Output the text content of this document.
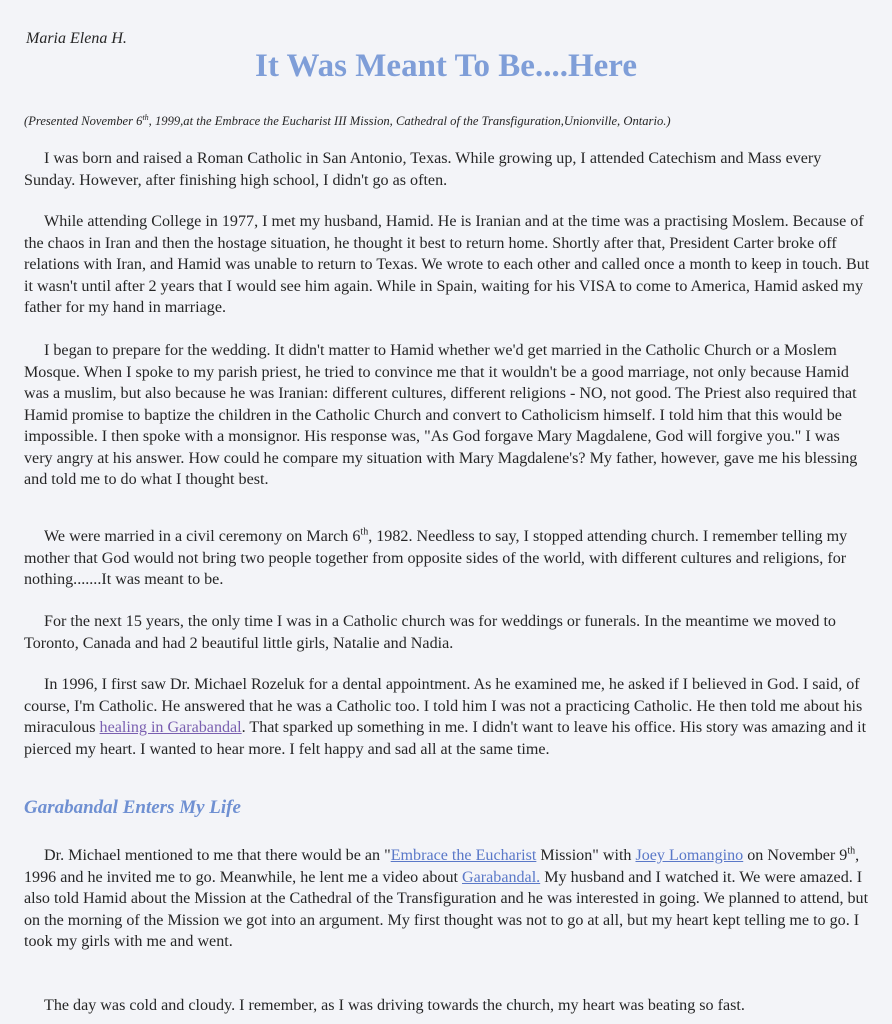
Maria Elena H.

It Was Meant To Be....Here

(Presented November 6th, 1999,at the Embrace the Eucharist III Mission, Cathedral of the Transfiguration,Unionville, Ontario.)

I was born and raised a Roman Catholic in San Antonio, Texas. While growing up, I attended Catechism and Mass every Sunday. However, after finishing high school, I didn't go as often.

While attending College in 1977, I met my husband, Hamid. He is Iranian and at the time was a practising Moslem. Because of the chaos in Iran and then the hostage situation, he thought it best to return home. Shortly after that, President Carter broke off relations with Iran, and Hamid was unable to return to Texas. We wrote to each other and called once a month to keep in touch. But it wasn't until after 2 years that I would see him again. While in Spain, waiting for his VISA to come to America, Hamid asked my father for my hand in marriage.

I began to prepare for the wedding. It didn't matter to Hamid whether we'd get married in the Catholic Church or a Moslem Mosque. When I spoke to my parish priest, he tried to convince me that it wouldn't be a good marriage, not only because Hamid was a muslim, but also because he was Iranian: different cultures, different religions - NO, not good. The Priest also required that Hamid promise to baptize the children in the Catholic Church and convert to Catholicism himself. I told him that this would be impossible. I then spoke with a monsignor. His response was, "As God forgave Mary Magdalene, God will forgive you." I was very angry at his answer. How could he compare my situation with Mary Magdalene's? My father, however, gave me his blessing and told me to do what I thought best.

We were married in a civil ceremony on March 6th, 1982. Needless to say, I stopped attending church. I remember telling my mother that God would not bring two people together from opposite sides of the world, with different cultures and religions, for nothing.......It was meant to be.

For the next 15 years, the only time I was in a Catholic church was for weddings or funerals. In the meantime we moved to Toronto, Canada and had 2 beautiful little girls, Natalie and Nadia.

In 1996, I first saw Dr. Michael Rozeluk for a dental appointment. As he examined me, he asked if I believed in God. I said, of course, I'm Catholic. He answered that he was a Catholic too. I told him I was not a practicing Catholic. He then told me about his miraculous healing in Garabandal. That sparked up something in me. I didn't want to leave his office. His story was amazing and it pierced my heart. I wanted to hear more. I felt happy and sad all at the same time.

Garabandal Enters My Life

Dr. Michael mentioned to me that there would be an "Embrace the Eucharist Mission" with Joey Lomangino on November 9th, 1996 and he invited me to go. Meanwhile, he lent me a video about Garabandal. My husband and I watched it. We were amazed. I also told Hamid about the Mission at the Cathedral of the Transfiguration and he was interested in going. We planned to attend, but on the morning of the Mission we got into an argument. My first thought was not to go at all, but my heart kept telling me to go. I took my girls with me and went.

The day was cold and cloudy. I remember, as I was driving towards the church, my heart was beating so fast.
